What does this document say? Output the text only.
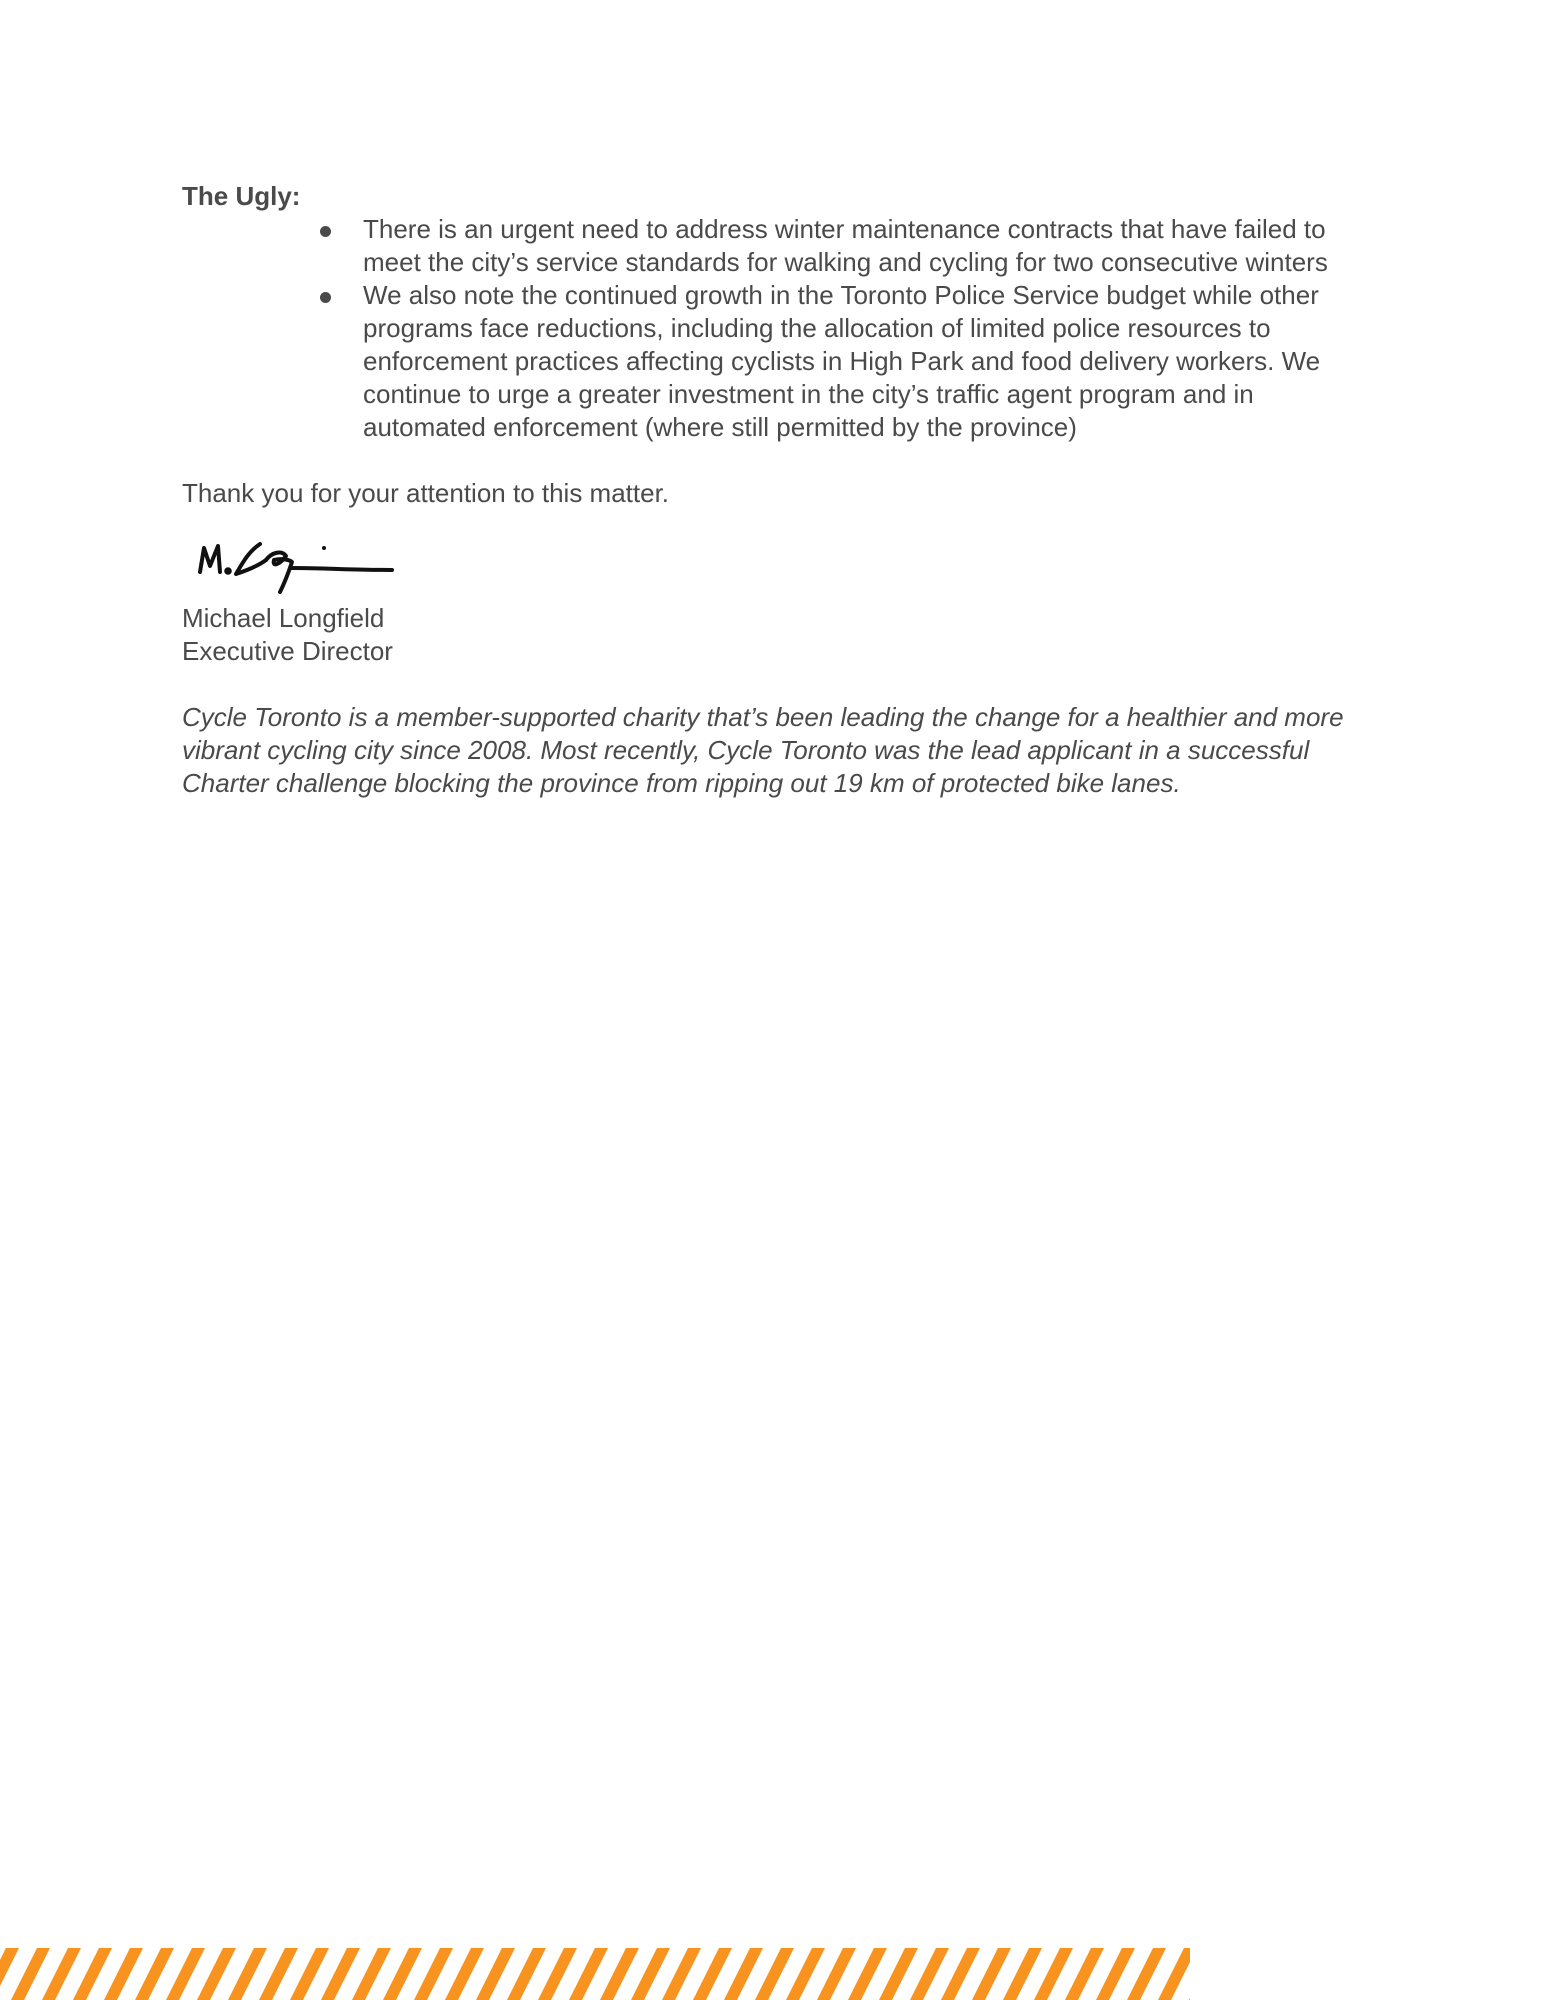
The Ugly:

There is an urgent need to address winter maintenance contracts that have failed to meet the city’s service standards for walking and cycling for two consecutive winters
We also note the continued growth in the Toronto Police Service budget while other programs face reductions, including the allocation of limited police resources to enforcement practices affecting cyclists in High Park and food delivery workers. We continue to urge a greater investment in the city’s traffic agent program and in automated enforcement (where still permitted by the province)

Thank you for your attention to this matter.

Michael Longfield

Executive Director

Cycle Toronto is a member-supported charity that’s been leading the change for a healthier and more vibrant cycling city since 2008. Most recently, Cycle Toronto was the lead applicant in a successful Charter challenge blocking the province from ripping out 19 km of protected bike lanes.
